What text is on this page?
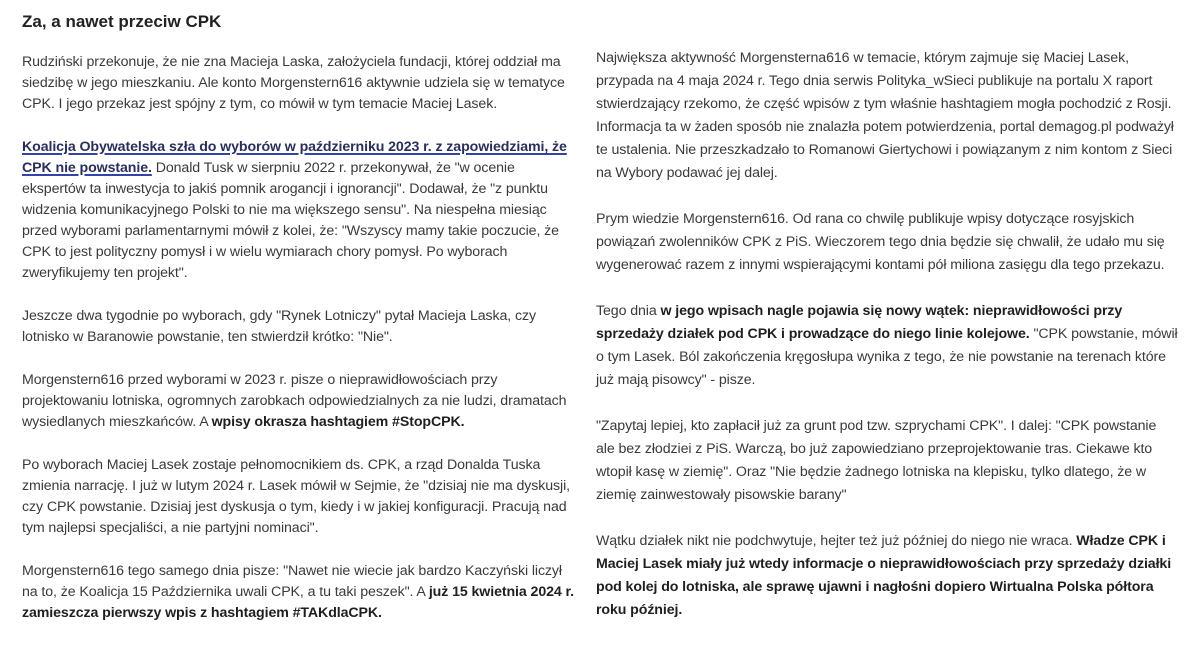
Za, a nawet przeciw CPK

Rudziński przekonuje, że nie zna Macieja Laska, założyciela fundacji, której oddział ma siedzibę w jego mieszkaniu. Ale konto Morgenstern616 aktywnie udziela się w tematyce CPK. I jego przekaz jest spójny z tym, co mówił w tym temacie Maciej Lasek.

Koalicja Obywatelska szła do wyborów w październiku 2023 r. z zapowiedziami, że CPK nie powstanie. Donald Tusk w sierpniu 2022 r. przekonywał, że "w ocenie ekspertów ta inwestycja to jakiś pomnik arogancji i ignorancji". Dodawał, że "z punktu widzenia komunikacyjnego Polski to nie ma większego sensu". Na niespełna miesiąc przed wyborami parlamentarnymi mówił z kolei, że: "Wszyscy mamy takie poczucie, że CPK to jest polityczny pomysł i w wielu wymiarach chory pomysł. Po wyborach zweryfikujemy ten projekt".

Jeszcze dwa tygodnie po wyborach, gdy "Rynek Lotniczy" pytał Macieja Laska, czy lotnisko w Baranowie powstanie, ten stwierdził krótko: "Nie".

Morgenstern616 przed wyborami w 2023 r. pisze o nieprawidłowościach przy projektowaniu lotniska, ogromnych zarobkach odpowiedzialnych za nie ludzi, dramatach wysiedlanych mieszkańców. A wpisy okrasza hashtagiem #StopCPK.

Po wyborach Maciej Lasek zostaje pełnomocnikiem ds. CPK, a rząd Donalda Tuska zmienia narrację. I już w lutym 2024 r. Lasek mówił w Sejmie, że "dzisiaj nie ma dyskusji, czy CPK powstanie. Dzisiaj jest dyskusja o tym, kiedy i w jakiej konfiguracji. Pracują nad tym najlepsi specjaliści, a nie partyjni nominaci".

Morgenstern616 tego samego dnia pisze: "Nawet nie wiecie jak bardzo Kaczyński liczył na to, że Koalicja 15 Października uwali CPK, a tu taki peszek". A już 15 kwietnia 2024 r. zamieszcza pierwszy wpis z hashtagiem #TAKdlaCPK.

Największa aktywność Morgensterna616 w temacie, którym zajmuje się Maciej Lasek, przypada na 4 maja 2024 r. Tego dnia serwis Polityka_wSieci publikuje na portalu X raport stwierdzający rzekomo, że część wpisów z tym właśnie hashtagiem mogła pochodzić z Rosji. Informacja ta w żaden sposób nie znalazła potem potwierdzenia, portal demagog.pl podważył te ustalenia. Nie przeszkadzało to Romanowi Giertychowi i powiązanym z nim kontom z Sieci na Wybory podawać jej dalej.

Prym wiedzie Morgenstern616. Od rana co chwilę publikuje wpisy dotyczące rosyjskich powiązań zwolenników CPK z PiS. Wieczorem tego dnia będzie się chwalił, że udało mu się wygenerować razem z innymi wspierającymi kontami pół miliona zasięgu dla tego przekazu.

Tego dnia w jego wpisach nagle pojawia się nowy wątek: nieprawidłowości przy sprzedaży działek pod CPK i prowadzące do niego linie kolejowe. "CPK powstanie, mówił o tym Lasek. Ból zakończenia kręgosłupa wynika z tego, że nie powstanie na terenach które już mają pisowcy" - pisze.

"Zapytaj lepiej, kto zapłacił już za grunt pod tzw. szprychami CPK". I dalej: "CPK powstanie ale bez złodziei z PiS. Warczą, bo już zapowiedziano przeprojektowanie tras. Ciekawe kto wtopił kasę w ziemię". Oraz "Nie będzie żadnego lotniska na klepisku, tylko dlatego, że w ziemię zainwestowały pisowskie barany"

Wątku działek nikt nie podchwytuje, hejter też już później do niego nie wraca. Władze CPK i Maciej Lasek miały już wtedy informacje o nieprawidłowościach przy sprzedaży działki pod kolej do lotniska, ale sprawę ujawni i nagłośni dopiero Wirtualna Polska półtora roku później.
